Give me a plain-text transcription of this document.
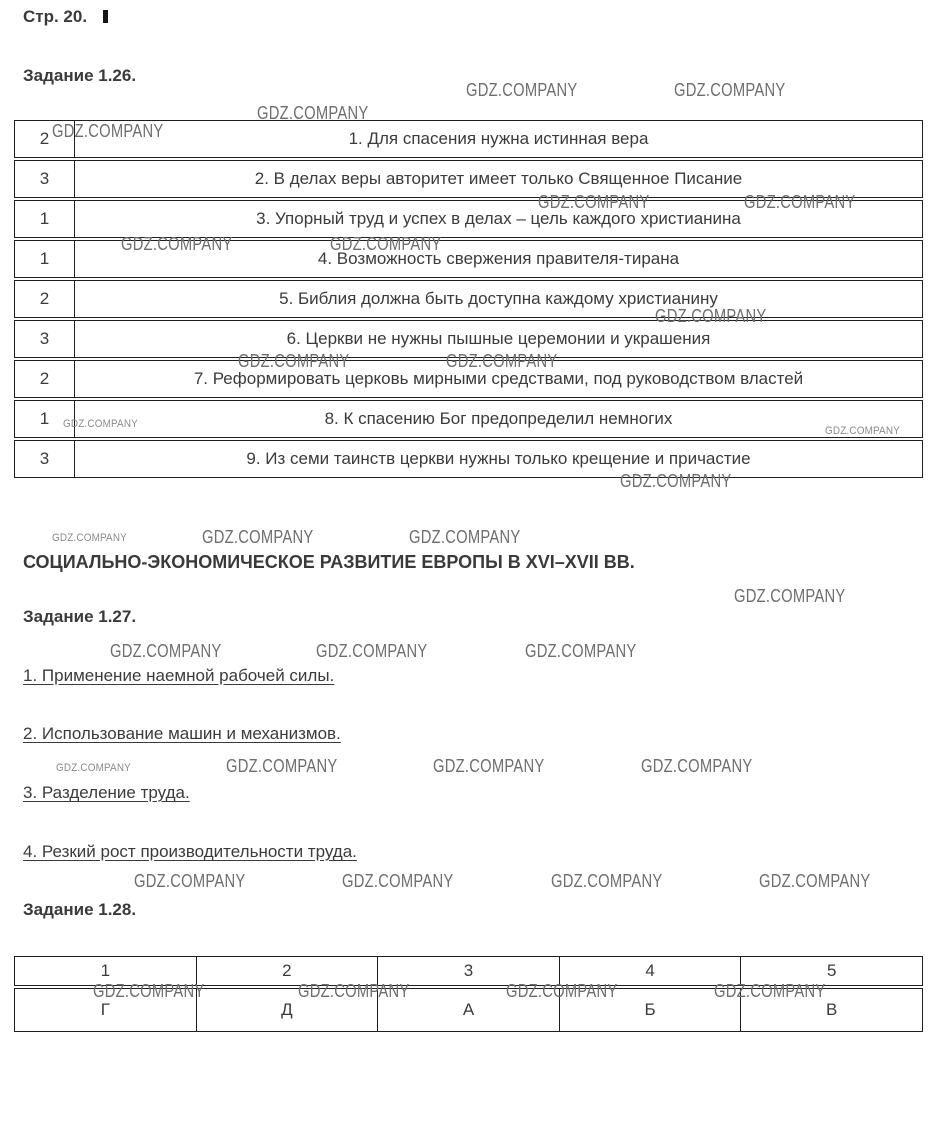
Стр. 20.
Задание 1.26.
2	1. Для спасения нужна истинная вера
3	2. В делах веры авторитет имеет только Священное Писание
1	3. Упорный труд и успех в делах – цель каждого христианина
1	4. Возможность свержения правителя-тирана
2	5. Библия должна быть доступна каждому христианину
3	6. Церкви не нужны пышные церемонии и украшения
2	7. Реформировать церковь мирными средствами, под руководством властей
1	8. К спасению Бог предопределил немногих
3	9. Из семи таинств церкви нужны только крещение и причастие
СОЦИАЛЬНО-ЭКОНОМИЧЕСКОЕ РАЗВИТИЕ ЕВРОПЫ В XVI–XVII ВВ.
Задание 1.27.
1. Применение наемной рабочей силы.
2. Использование машин и механизмов.
3. Разделение труда.
4. Резкий рост производительности труда.
Задание 1.28.
1	2	3	4	5
Г	Д	А	Б	В
GDZ.COMPANY	GDZ.COMPANY
GDZ.COMPANY
GDZ.COMPANY
GDZ.COMPANY	GDZ.COMPANY
GDZ.COMPANY	GDZ.COMPANY
GDZ.COMPANY
GDZ.COMPANY	GDZ.COMPANY
GDZ.COMPANY
GDZ.COMPANY
GDZ.COMPANY
GDZ.COMPANY	GDZ.COMPANY	GDZ.COMPANY
GDZ.COMPANY
GDZ.COMPANY	GDZ.COMPANY	GDZ.COMPANY
GDZ.COMPANY	GDZ.COMPANY	GDZ.COMPANY	GDZ.COMPANY
GDZ.COMPANY	GDZ.COMPANY	GDZ.COMPANY	GDZ.COMPANY
GDZ.COMPANY	GDZ.COMPANY	GDZ.COMPANY	GDZ.COMPANY
